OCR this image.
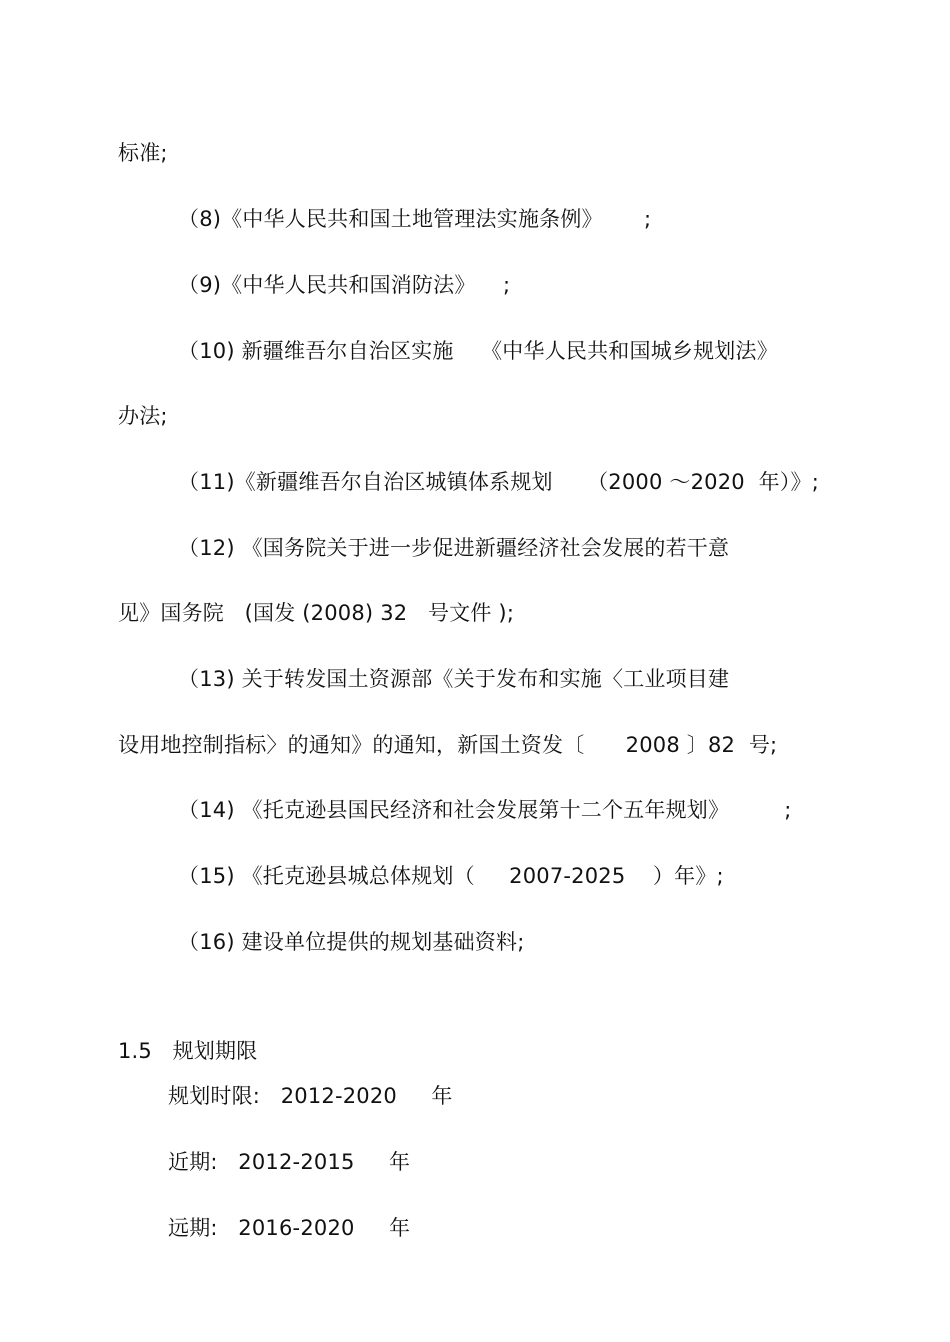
标准;
（8)《中华人民共和国土地管理法实施条例》      ;
（9)《中华人民共和国消防法》    ;
（10) 新疆维吾尔自治区实施    《中华人民共和国城乡规划法》
办法;
（11)《新疆维吾尔自治区城镇体系规划     （2000 ～2020  年）》;
（12) 《国务院关于进一步促进新疆经济社会发展的若干意
见》国务院   (国发 (2008) 32   号文件 );
（13) 关于转发国土资源部《关于发布和实施〈工业项目建
设用地控制指标〉的通知》的通知，新国土资发〔      2008 〕82  号;
（14) 《托克逊县国民经济和社会发展第十二个五年规划》        ;
（15) 《托克逊县城总体规划（     2007-2025    ）年》;
（16) 建设单位提供的规划基础资料;
1.5   规划期限
规划时限:   2012-2020     年
近期:   2012-2015     年
远期:   2016-2020     年
